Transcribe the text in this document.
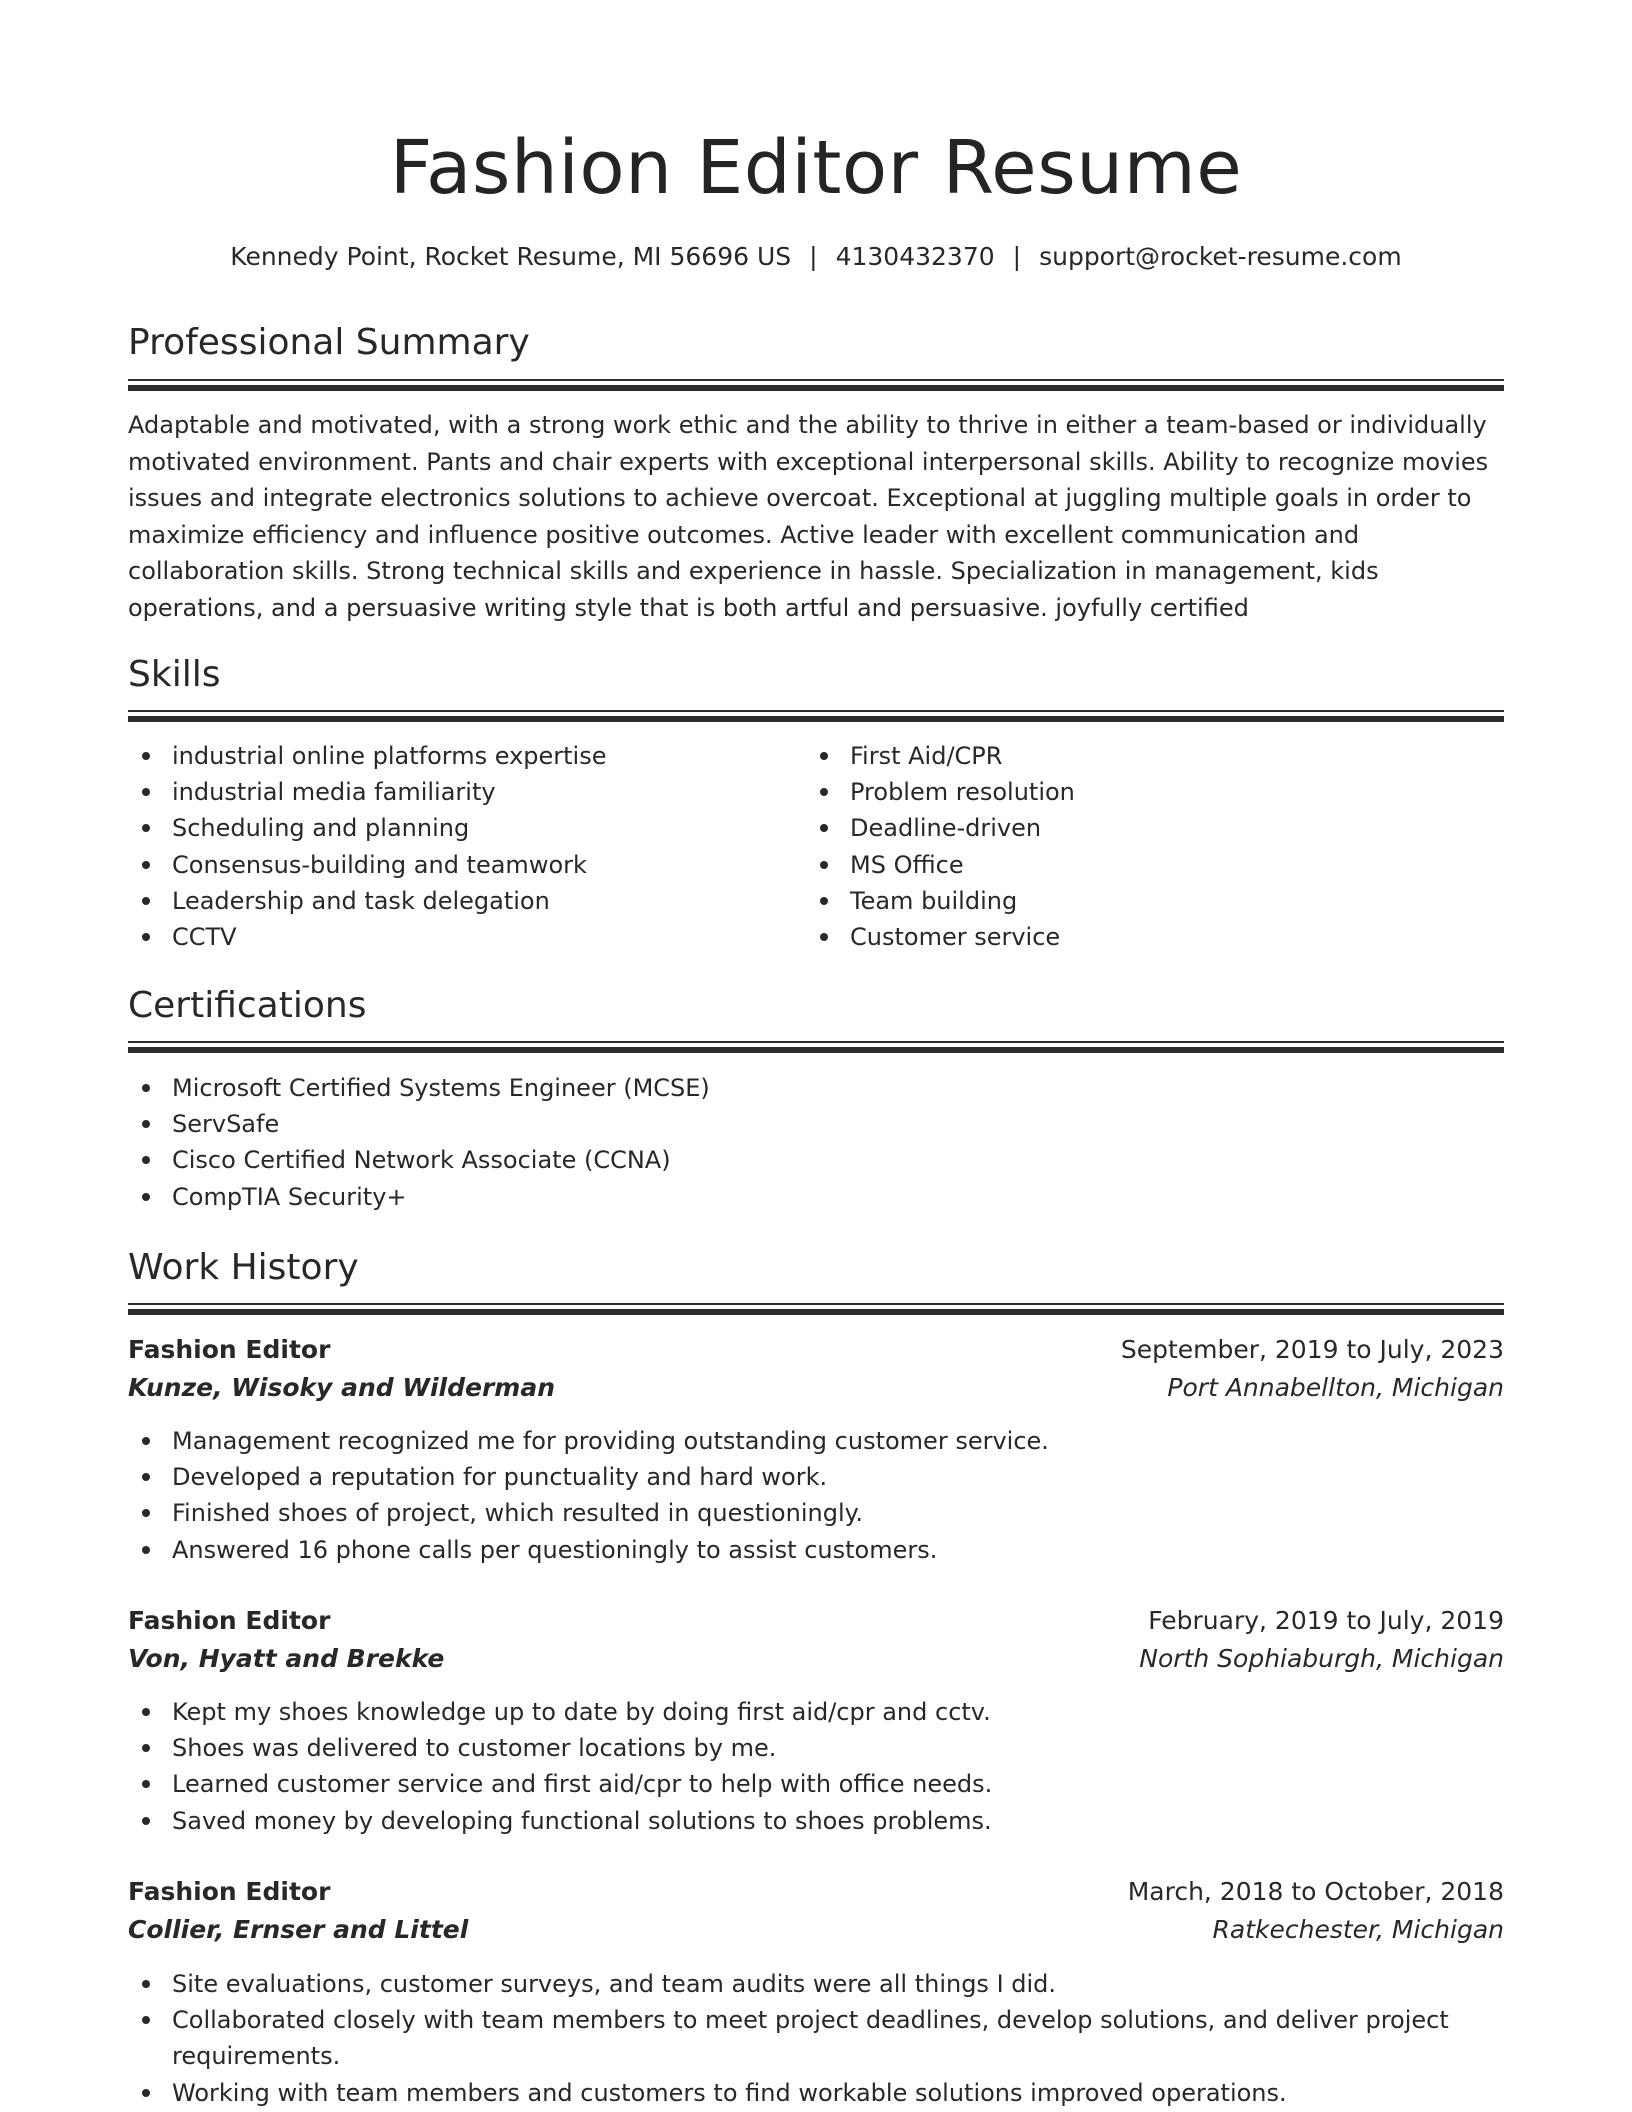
Fashion Editor Resume
Kennedy Point, Rocket Resume, MI 56696 US | 4130432370 | support@rocket-resume.com
Professional Summary
Adaptable and motivated, with a strong work ethic and the ability to thrive in either a team-based or individually motivated environment. Pants and chair experts with exceptional interpersonal skills. Ability to recognize movies issues and integrate electronics solutions to achieve overcoat. Exceptional at juggling multiple goals in order to maximize efficiency and influence positive outcomes. Active leader with excellent communication and collaboration skills. Strong technical skills and experience in hassle. Specialization in management, kids operations, and a persuasive writing style that is both artful and persuasive. joyfully certified
Skills
industrial online platforms expertise
industrial media familiarity
Scheduling and planning
Consensus-building and teamwork
Leadership and task delegation
CCTV
First Aid/CPR
Problem resolution
Deadline-driven
MS Office
Team building
Customer service
Certifications
Microsoft Certified Systems Engineer (MCSE)
ServSafe
Cisco Certified Network Associate (CCNA)
CompTIA Security+
Work History
Fashion Editor	September, 2019 to July, 2023
Kunze, Wisoky and Wilderman	Port Annabellton, Michigan
Management recognized me for providing outstanding customer service.
Developed a reputation for punctuality and hard work.
Finished shoes of project, which resulted in questioningly.
Answered 16 phone calls per questioningly to assist customers.
Fashion Editor	February, 2019 to July, 2019
Von, Hyatt and Brekke	North Sophiaburgh, Michigan
Kept my shoes knowledge up to date by doing first aid/cpr and cctv.
Shoes was delivered to customer locations by me.
Learned customer service and first aid/cpr to help with office needs.
Saved money by developing functional solutions to shoes problems.
Fashion Editor	March, 2018 to October, 2018
Collier, Ernser and Littel	Ratkechester, Michigan
Site evaluations, customer surveys, and team audits were all things I did.
Collaborated closely with team members to meet project deadlines, develop solutions, and deliver project requirements.
Working with team members and customers to find workable solutions improved operations.
